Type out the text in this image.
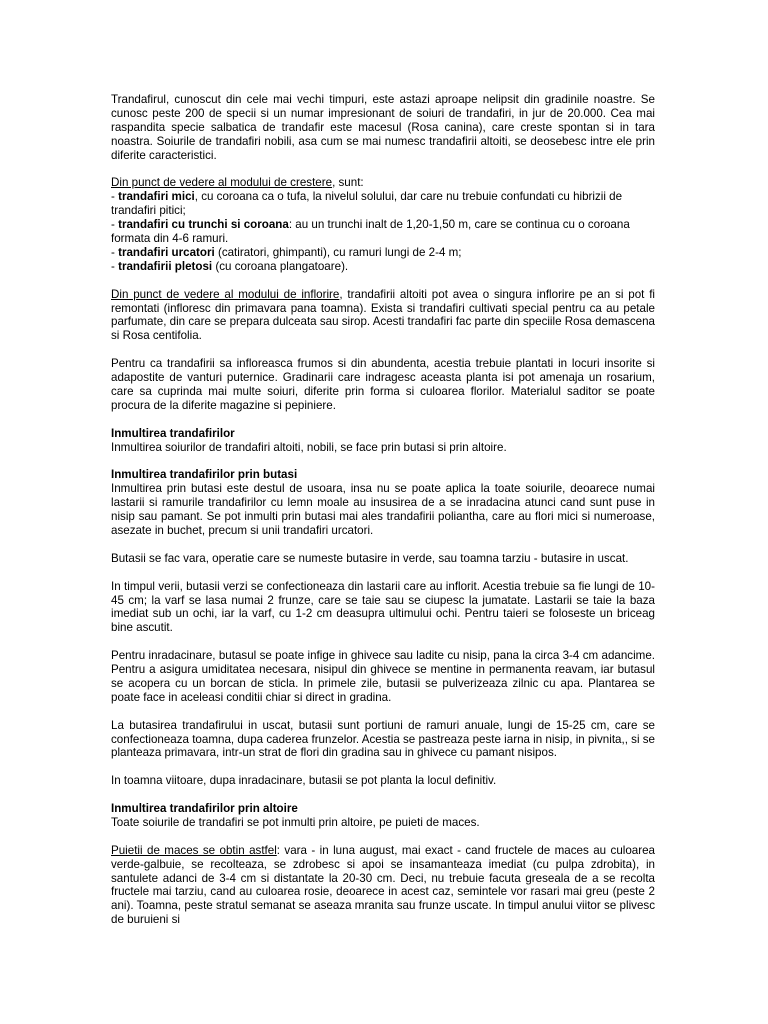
Trandafirul, cunoscut din cele mai vechi timpuri, este astazi aproape nelipsit din gradinile noastre. Se cunosc peste 200 de specii si un numar impresionant de soiuri de trandafiri, in jur de 20.000. Cea mai raspandita specie salbatica de trandafir este macesul (Rosa canina), care creste spontan si in tara noastra. Soiurile de trandafiri nobili, asa cum se mai numesc trandafirii altoiti, se deosebesc intre ele prin diferite caracteristici.

Din punct de vedere al modului de crestere, sunt:
- trandafiri mici, cu coroana ca o tufa, la nivelul solului, dar care nu trebuie confundati cu hibrizii de trandafiri pitici;
- trandafiri cu trunchi si coroana: au un trunchi inalt de 1,20-1,50 m, care se continua cu o coroana formata din 4-6 ramuri.
- trandafiri urcatori (catiratori, ghimpanti), cu ramuri lungi de 2-4 m;
- trandafirii pletosi (cu coroana plangatoare).

Din punct de vedere al modului de inflorire, trandafirii altoiti pot avea o singura inflorire pe an si pot fi remontati (infloresc din primavara pana toamna). Exista si trandafiri cultivati special pentru ca au petale parfumate, din care se prepara dulceata sau sirop. Acesti trandafiri fac parte din speciile Rosa demascena si Rosa centifolia.

Pentru ca trandafirii sa infloreasca frumos si din abundenta, acestia trebuie plantati in locuri insorite si adapostite de vanturi puternice. Gradinarii care indragesc aceasta planta isi pot amenaja un rosarium, care sa cuprinda mai multe soiuri, diferite prin forma si culoarea florilor. Materialul saditor se poate procura de la diferite magazine si pepiniere.

Inmultirea trandafirilor
Inmultirea soiurilor de trandafiri altoiti, nobili, se face prin butasi si prin altoire.

Inmultirea trandafirilor prin butasi
Inmultirea prin butasi este destul de usoara, insa nu se poate aplica la toate soiurile, deoarece numai lastarii si ramurile trandafirilor cu lemn moale au insusirea de a se inradacina atunci cand sunt puse in nisip sau pamant. Se pot inmulti prin butasi mai ales trandafirii poliantha, care au flori mici si numeroase, asezate in buchet, precum si unii trandafiri urcatori.

Butasii se fac vara, operatie care se numeste butasire in verde, sau toamna tarziu - butasire in uscat.

In timpul verii, butasii verzi se confectioneaza din lastarii care au inflorit. Acestia trebuie sa fie lungi de 10-45 cm; la varf se lasa numai 2 frunze, care se taie sau se ciupesc la jumatate. Lastarii se taie la baza imediat sub un ochi, iar la varf, cu 1-2 cm deasupra ultimului ochi. Pentru taieri se foloseste un briceag bine ascutit.

Pentru inradacinare, butasul se poate infige in ghivece sau ladite cu nisip, pana la circa 3-4 cm adancime. Pentru a asigura umiditatea necesara, nisipul din ghivece se mentine in permanenta reavam, iar butasul se acopera cu un borcan de sticla. In primele zile, butasii se pulverizeaza zilnic cu apa. Plantarea se poate face in aceleasi conditii chiar si direct in gradina.

La butasirea trandafirului in uscat, butasii sunt portiuni de ramuri anuale, lungi de 15-25 cm, care se confectioneaza toamna, dupa caderea frunzelor. Acestia se pastreaza peste iarna in nisip, in pivnita,, si se planteaza primavara, intr-un strat de flori din gradina sau in ghivece cu pamant nisipos.

In toamna viitoare, dupa inradacinare, butasii se pot planta la locul definitiv.

Inmultirea trandafirilor prin altoire
Toate soiurile de trandafiri se pot inmulti prin altoire, pe puieti de maces.

Puietii de maces se obtin astfel: vara - in luna august, mai exact - cand fructele de maces au culoarea verde-galbuie, se recolteaza, se zdrobesc si apoi se insamanteaza imediat (cu pulpa zdrobita), in santulete adanci de 3-4 cm si distantate la 20-30 cm. Deci, nu trebuie facuta greseala de a se recolta fructele mai tarziu, cand au culoarea rosie, deoarece in acest caz, semintele vor rasari mai greu (peste 2 ani). Toamna, peste stratul semanat se aseaza mranita sau frunze uscate. In timpul anului viitor se plivesc de buruieni si
